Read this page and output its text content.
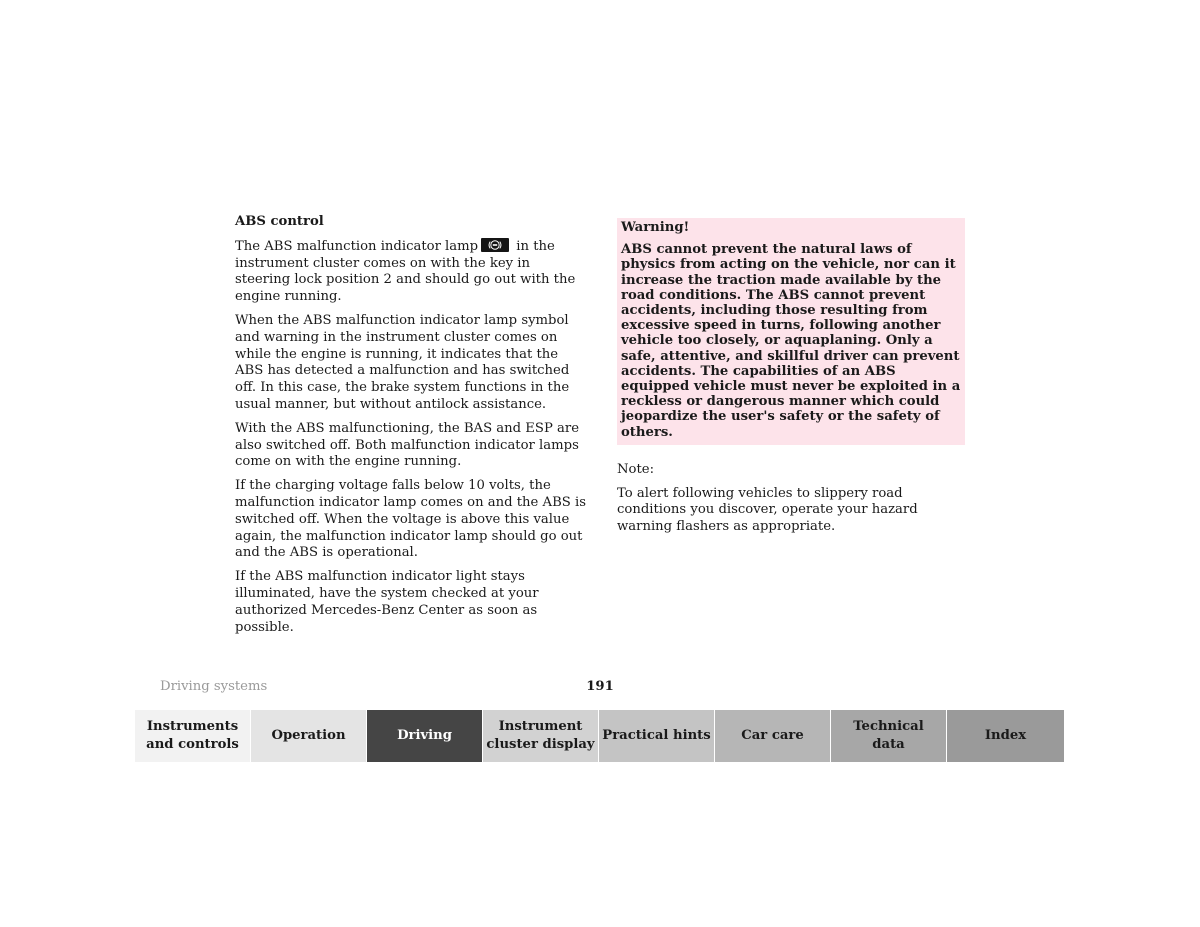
ABS control

The ABS malfunction indicator lamp	in the instrument cluster comes on with the key in steering lock position 2 and should go out with the engine running.

When the ABS malfunction indicator lamp symbol and warning in the instrument cluster comes on while the engine is running, it indicates that the ABS has detected a malfunction and has switched off. In this case, the brake system functions in the usual manner, but without antilock assistance.

With the ABS malfunctioning, the BAS and ESP are also switched off. Both malfunction indicator lamps come on with the engine running.

If the charging voltage falls below 10 volts, the malfunction indicator lamp comes on and the ABS is switched off. When the voltage is above this value again, the malfunction indicator lamp should go out and the ABS is operational.

If the ABS malfunction indicator light stays illuminated, have the system checked at your authorized Mercedes-Benz Center as soon as possible.

Warning!

ABS cannot prevent the natural laws of physics from acting on the vehicle, nor can it increase the traction made available by the road conditions. The ABS cannot prevent accidents, including those resulting from excessive speed in turns, following another vehicle too closely, or aquaplaning. Only a safe, attentive, and skillful driver can prevent accidents. The capabilities of an ABS equipped vehicle must never be exploited in a reckless or dangerous manner which could jeopardize the user's safety or the safety of others.

Note:

To alert following vehicles to slippery road conditions you discover, operate your hazard warning flashers as appropriate.

Driving systems	191
Instruments
and controls
Operation	Driving
Instrument
cluster display
Practical hints	Car care
Technical
data
Index
